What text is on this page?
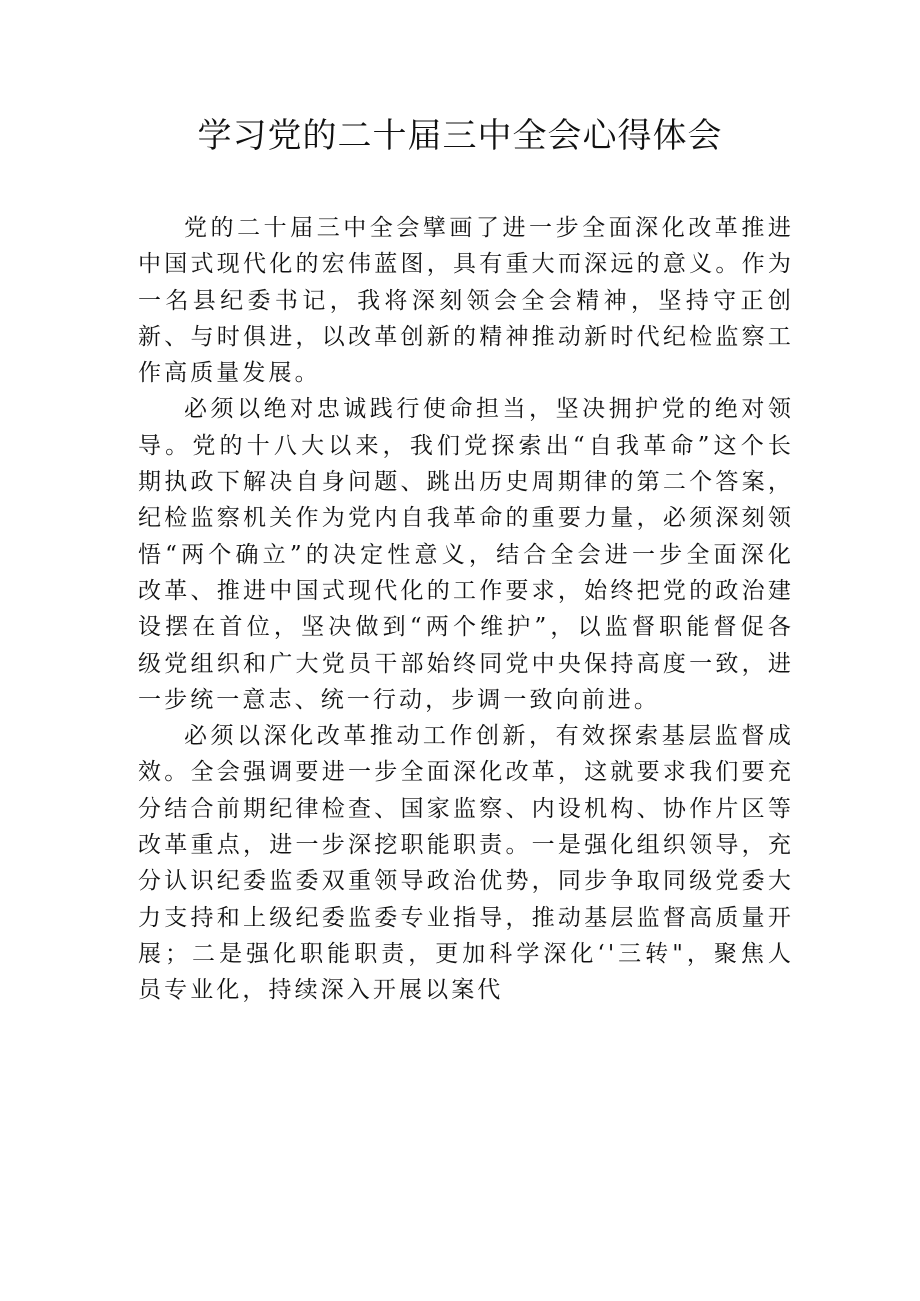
学习党的二十届三中全会心得体会

党的二十届三中全会擘画了进一步全面深化改革推进中国式现代化的宏伟蓝图，具有重大而深远的意义。作为一名县纪委书记，我将深刻领会全会精神，坚持守正创新、与时俱进，以改革创新的精神推动新时代纪检监察工作高质量发展。

必须以绝对忠诚践行使命担当，坚决拥护党的绝对领导。党的十八大以来，我们党探索出“自我革命”这个长期执政下解决自身问题、跳出历史周期律的第二个答案，纪检监察机关作为党内自我革命的重要力量，必须深刻领悟“两个确立”的决定性意义，结合全会进一步全面深化改革、推进中国式现代化的工作要求，始终把党的政治建设摆在首位，坚决做到“两个维护”，以监督职能督促各级党组织和广大党员干部始终同党中央保持高度一致，进一步统一意志、统一行动，步调一致向前进。

必须以深化改革推动工作创新，有效探索基层监督成效。全会强调要进一步全面深化改革，这就要求我们要充分结合前期纪律检查、国家监察、内设机构、协作片区等改革重点，进一步深挖职能职责。一是强化组织领导，充分认识纪委监委双重领导政治优势，同步争取同级党委大力支持和上级纪委监委专业指导，推动基层监督高质量开展；二是强化职能职责，更加科学深化‘'三转"，聚焦人员专业化，持续深入开展以案代
